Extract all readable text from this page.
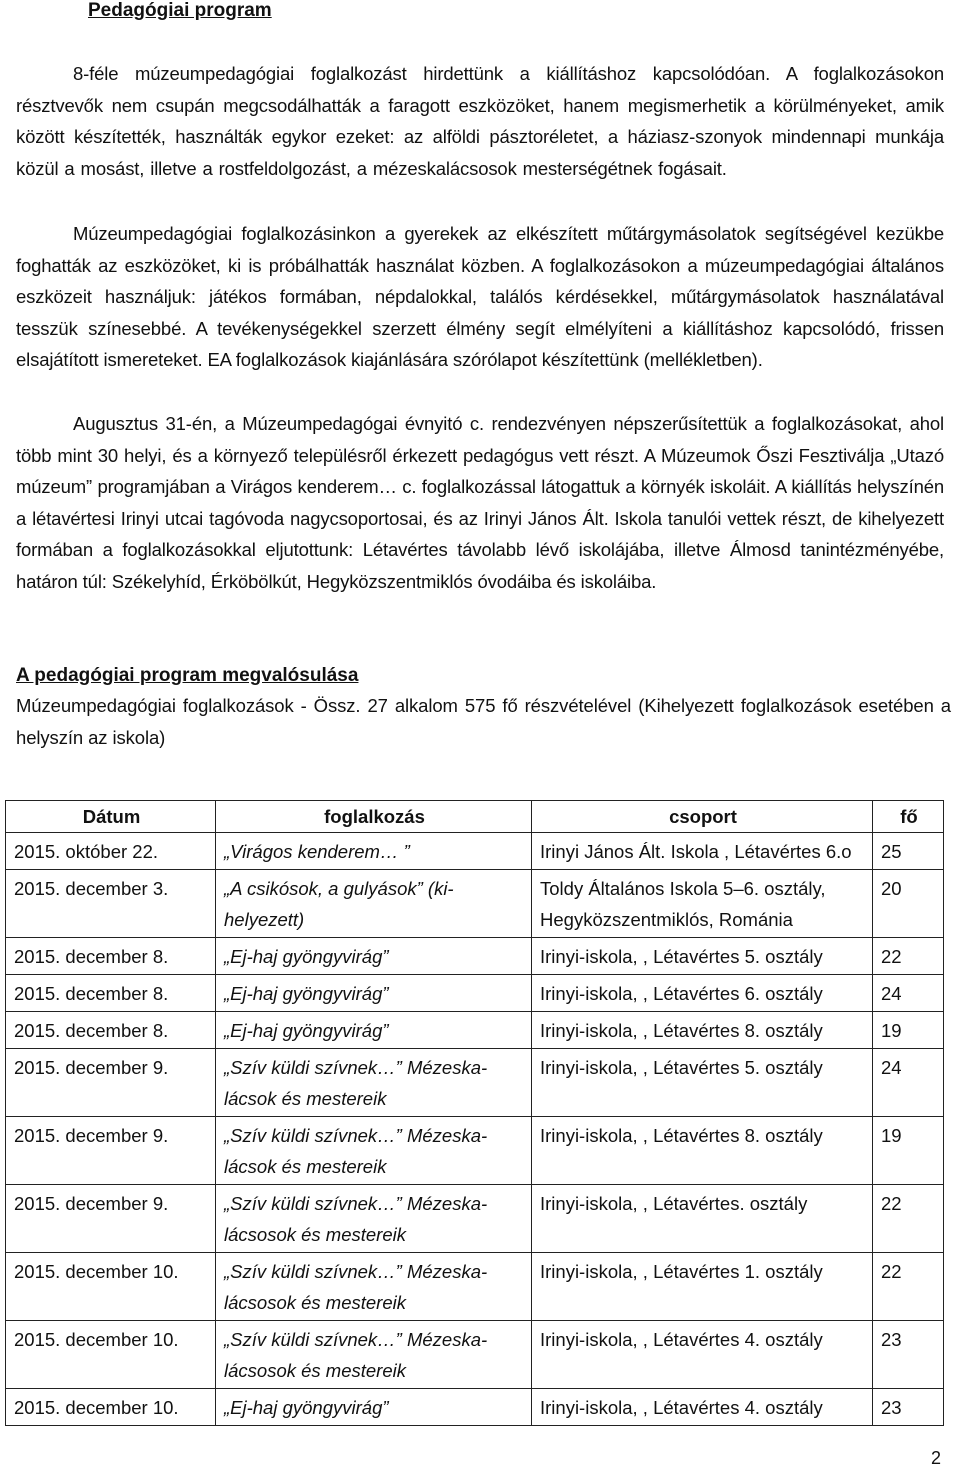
Pedagógiai program

8-féle múzeumpedagógiai foglalkozást hirdettünk a kiállításhoz kapcsolódóan. A foglalkozásokon résztvevők nem csupán megcsodálhatták a faragott eszközöket, hanem megismerhetik a körülményeket, amik között készítették, használták egykor ezeket: az alföldi pásztoréletet, a háziasz-szonyok mindennapi munkája közül a mosást, illetve a rostfeldolgozást, a mézeskalácsosok mesterségétnek fogásait.

Múzeumpedagógiai foglalkozásinkon a gyerekek az elkészített műtárgymásolatok segítségével kezükbe foghatták az eszközöket, ki is próbálhatták használat közben. A foglalkozásokon a múzeumpedagógiai általános eszközeit használjuk: játékos formában, népdalokkal, találós kérdésekkel, műtárgymásolatok használatával tesszük színesebbé. A tevékenységekkel szerzett élmény segít elmélyíteni a kiállításhoz kapcsolódó, frissen elsajátított ismereteket. EA foglalkozások kiajánlására szórólapot készítettünk (mellékletben).

Augusztus 31-én, a Múzeumpedagógai évnyitó c. rendezvényen népszerűsítettük a foglalkozásokat, ahol több mint 30 helyi, és a környező településről érkezett pedagógus vett részt. A Múzeumok Őszi Fesztiválja „Utazó múzeum” programjában a Virágos kenderem… c. foglalkozással látogattuk a környék iskoláit. A kiállítás helyszínén a létavértesi Irinyi utcai tagóvoda nagycsoportosai, és az Irinyi János Ált. Iskola tanulói vettek részt, de kihelyezett formában a foglalkozásokkal eljutottunk: Létavértes távolabb lévő iskolájába, illetve Álmosd tanintézményébe, határon túl: Székelyhíd, Érköbölkút, Hegyközszentmiklós óvodáiba és iskoláiba.

A pedagógiai program megvalósulása

Múzeumpedagógiai foglalkozások - Össz. 27 alkalom 575 fő részvételével (Kihelyezett foglalkozások esetében a helyszín az iskola)

Dátum	foglalkozás	csoport	fő
2015. október 22.	„Virágos kenderem… ”	Irinyi János Ált. Iskola , Létavértes 6.o	25
2015. december 3.	„A csikósok, a gulyások” (ki-helyezett)	Toldy Általános Iskola 5–6. osztály, Hegyközszentmiklós, Románia	20
2015. december 8.	„Ej-haj gyöngyvirág”	Irinyi-iskola, , Létavértes 5. osztály	22
2015. december 8.	„Ej-haj gyöngyvirág”	Irinyi-iskola, , Létavértes 6. osztály	24
2015. december 8.	„Ej-haj gyöngyvirág”	Irinyi-iskola, , Létavértes 8. osztály	19
2015. december 9.	„Szív küldi szívnek…” Mézeska-lácsok és mestereik	Irinyi-iskola, , Létavértes 5. osztály	24
2015. december 9.	„Szív küldi szívnek…” Mézeska-lácsok és mestereik	Irinyi-iskola, , Létavértes 8. osztály	19
2015. december 9.	„Szív küldi szívnek…” Mézeska-lácsosok és mestereik	Irinyi-iskola, , Létavértes. osztály	22
2015. december 10.	„Szív küldi szívnek…” Mézeska-lácsosok és mestereik	Irinyi-iskola, , Létavértes 1. osztály	22
2015. december 10.	„Szív küldi szívnek…” Mézeska-lácsosok és mestereik	Irinyi-iskola, , Létavértes 4. osztály	23
2015. december 10.	„Ej-haj gyöngyvirág”	Irinyi-iskola, , Létavértes 4. osztály	23
2
